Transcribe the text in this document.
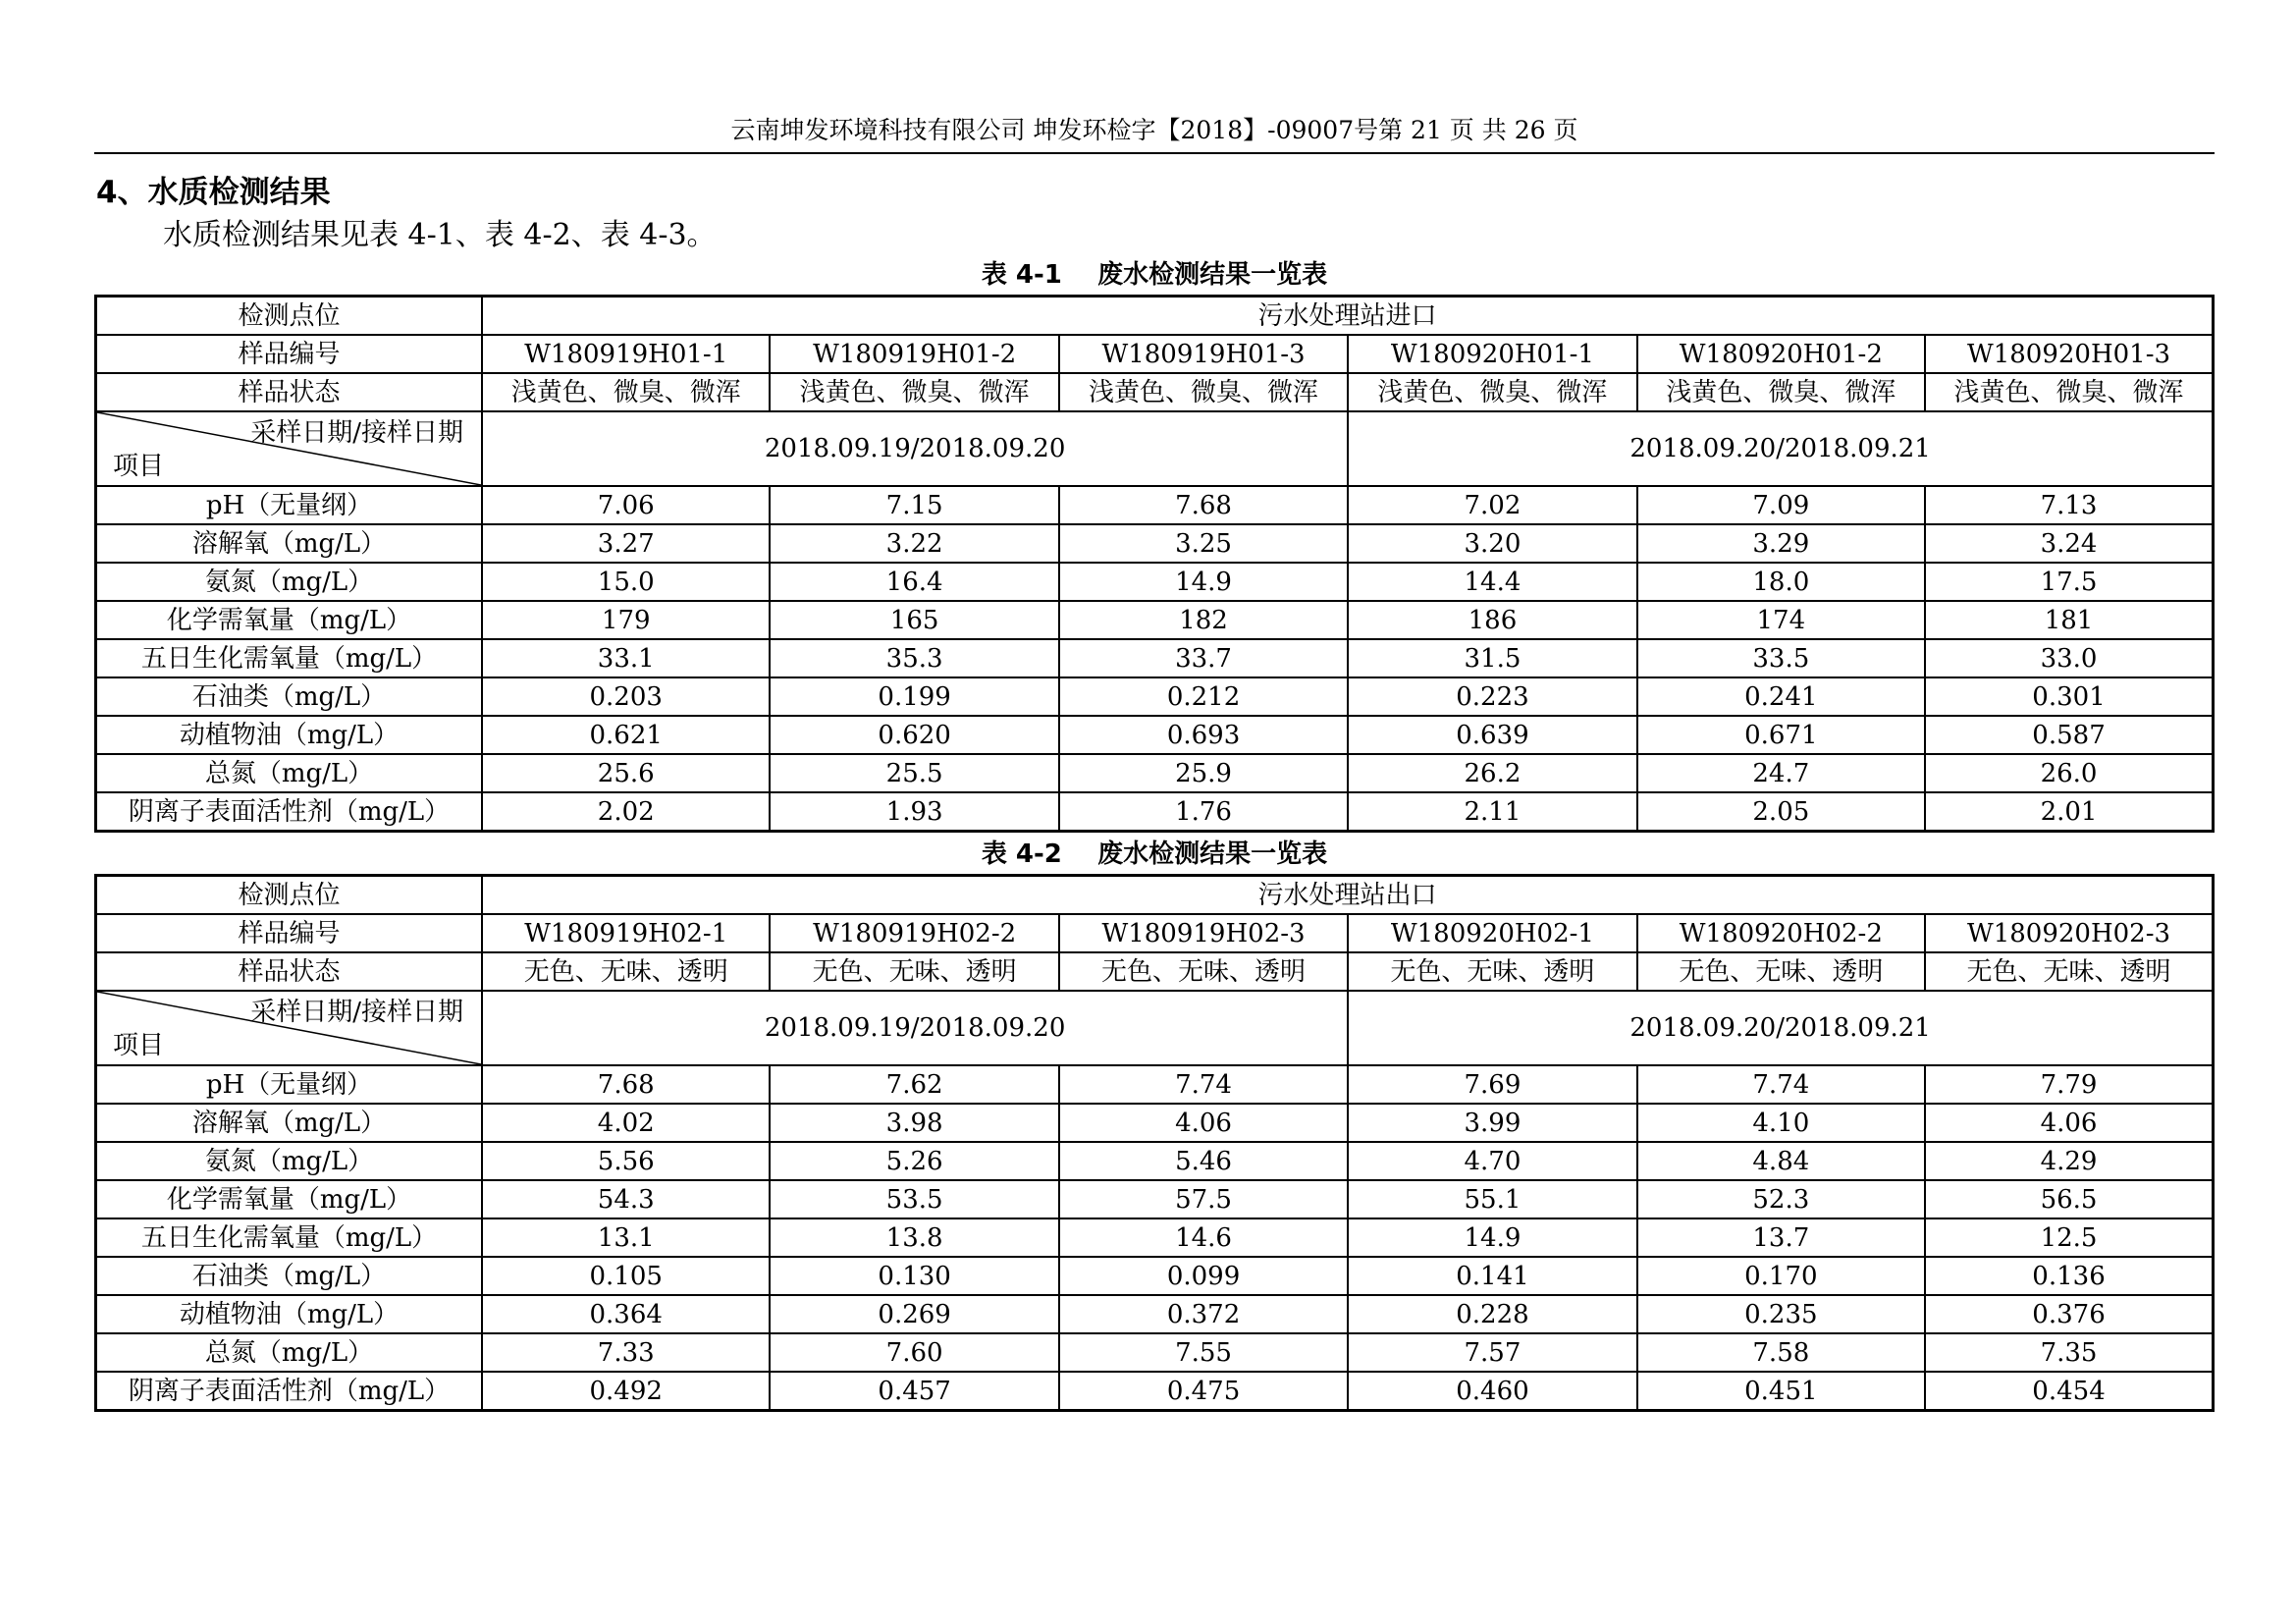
云南坤发环境科技有限公司 坤发环检字【2018】-09007号第 21 页 共 26 页
4、水质检测结果
水质检测结果见表 4-1、表 4-2、表 4-3。
表 4-1 废水检测结果一览表
检测点位	污水处理站进口					
样品编号	W180919H01-1	W180919H01-2	W180919H01-3	W180920H01-1	W180920H01-2	W180920H01-3
样品状态	浅黄色、微臭、微浑	浅黄色、微臭、微浑	浅黄色、微臭、微浑	浅黄色、微臭、微浑	浅黄色、微臭、微浑	浅黄色、微臭、微浑

采样日期/接样日期
项目	2018.09.19/2018.09.20			2018.09.20/2018.09.21		
pH（无量纲）	7.06	7.15	7.68	7.02	7.09	7.13
溶解氧（mg/L）	3.27	3.22	3.25	3.20	3.29	3.24
氨氮（mg/L）	15.0	16.4	14.9	14.4	18.0	17.5
化学需氧量（mg/L）	179	165	182	186	174	181
五日生化需氧量（mg/L）	33.1	35.3	33.7	31.5	33.5	33.0
石油类（mg/L）	0.203	0.199	0.212	0.223	0.241	0.301
动植物油（mg/L）	0.621	0.620	0.693	0.639	0.671	0.587
总氮（mg/L）	25.6	25.5	25.9	26.2	24.7	26.0
阴离子表面活性剂（mg/L）	2.02	1.93	1.76	2.11	2.05	2.01
表 4-2 废水检测结果一览表
检测点位	污水处理站出口					
样品编号	W180919H02-1	W180919H02-2	W180919H02-3	W180920H02-1	W180920H02-2	W180920H02-3
样品状态	无色、无味、透明	无色、无味、透明	无色、无味、透明	无色、无味、透明	无色、无味、透明	无色、无味、透明

采样日期/接样日期
项目	2018.09.19/2018.09.20			2018.09.20/2018.09.21		
pH（无量纲）	7.68	7.62	7.74	7.69	7.74	7.79
溶解氧（mg/L）	4.02	3.98	4.06	3.99	4.10	4.06
氨氮（mg/L）	5.56	5.26	5.46	4.70	4.84	4.29
化学需氧量（mg/L）	54.3	53.5	57.5	55.1	52.3	56.5
五日生化需氧量（mg/L）	13.1	13.8	14.6	14.9	13.7	12.5
石油类（mg/L）	0.105	0.130	0.099	0.141	0.170	0.136
动植物油（mg/L）	0.364	0.269	0.372	0.228	0.235	0.376
总氮（mg/L）	7.33	7.60	7.55	7.57	7.58	7.35
阴离子表面活性剂（mg/L）	0.492	0.457	0.475	0.460	0.451	0.454
